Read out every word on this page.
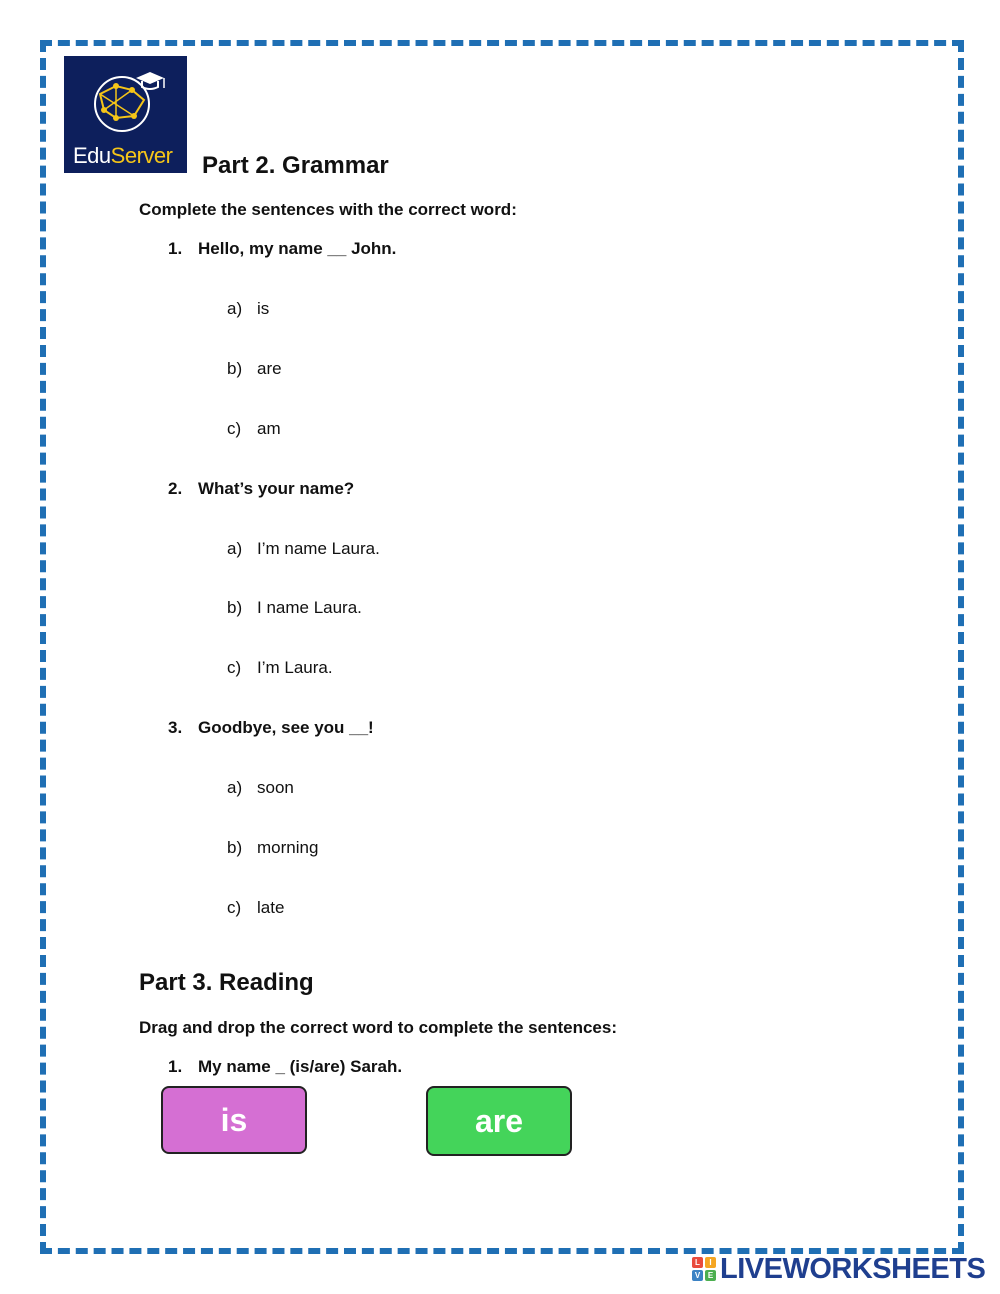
EduServer Part 2. Grammar
Complete the sentences with the correct word:
1. Hello, my name __ John.
a) is
b) are
c) am
2. What’s your name?
a) I’m name Laura.
b) I name Laura.
c) I’m Laura.
3. Goodbye, see you __!
a) soon
b) morning
c) late
Part 3. Reading
Drag and drop the correct word to complete the sentences:
1. My name _ (is/are) Sarah.
is	are
L	I
V E LIVEWORKSHEETS
